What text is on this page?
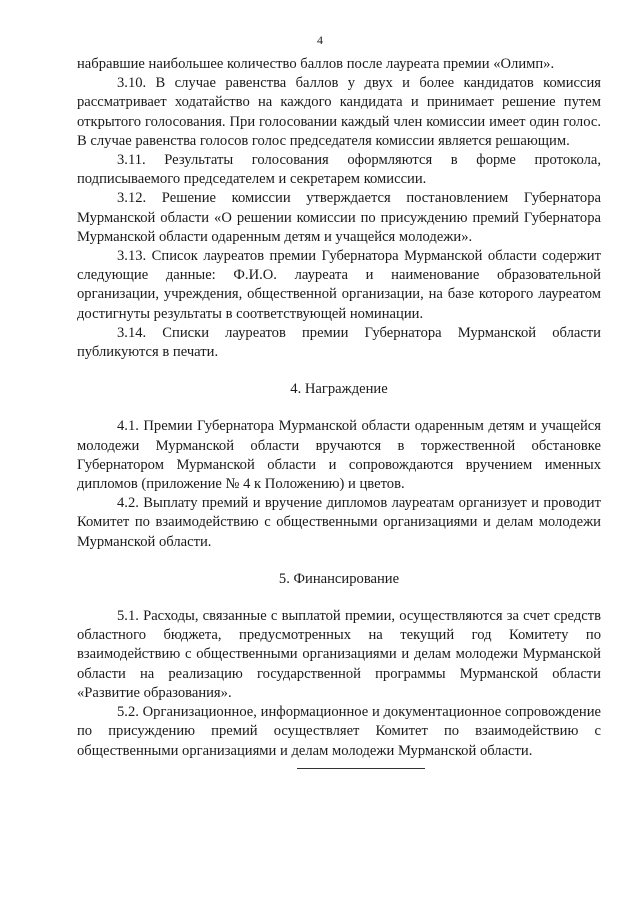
4

набравшие наибольшее количество баллов после лауреата премии «Олимп».

3.10. В случае равенства баллов у двух и более кандидатов комиссия рассматривает ходатайство на каждого кандидата и принимает решение путем открытого голосования. При голосовании каждый член комиссии имеет один голос. В случае равенства голосов голос председателя комиссии является решающим.

3.11. Результаты голосования оформляются в форме протокола, подписываемого председателем и секретарем комиссии.

3.12. Решение комиссии утверждается постановлением Губернатора Мурманской области «О решении комиссии по присуждению премий Губернатора Мурманской области одаренным детям и учащейся молодежи».

3.13. Список лауреатов премии Губернатора Мурманской области содержит следующие данные: Ф.И.О. лауреата и наименование образовательной организации, учреждения, общественной организации, на базе которого лауреатом достигнуты результаты в соответствующей номинации.

3.14. Списки лауреатов премии Губернатора Мурманской области публикуются в печати.

4. Награждение

4.1. Премии Губернатора Мурманской области одаренным детям и учащейся молодежи Мурманской области вручаются в торжественной обстановке Губернатором Мурманской области и сопровождаются вручением именных дипломов (приложение № 4 к Положению) и цветов.

4.2. Выплату премий и вручение дипломов лауреатам организует и проводит Комитет по взаимодействию с общественными организациями и делам молодежи Мурманской области.

5. Финансирование

5.1. Расходы, связанные с выплатой премии, осуществляются за счет средств областного бюджета, предусмотренных на текущий год Комитету по взаимодействию с общественными организациями и делам молодежи Мурманской области на реализацию государственной программы Мурманской области «Развитие образования».

5.2. Организационное, информационное и документационное сопровождение по присуждению премий осуществляет Комитет по взаимодействию с общественными организациями и делам молодежи Мурманской области.
